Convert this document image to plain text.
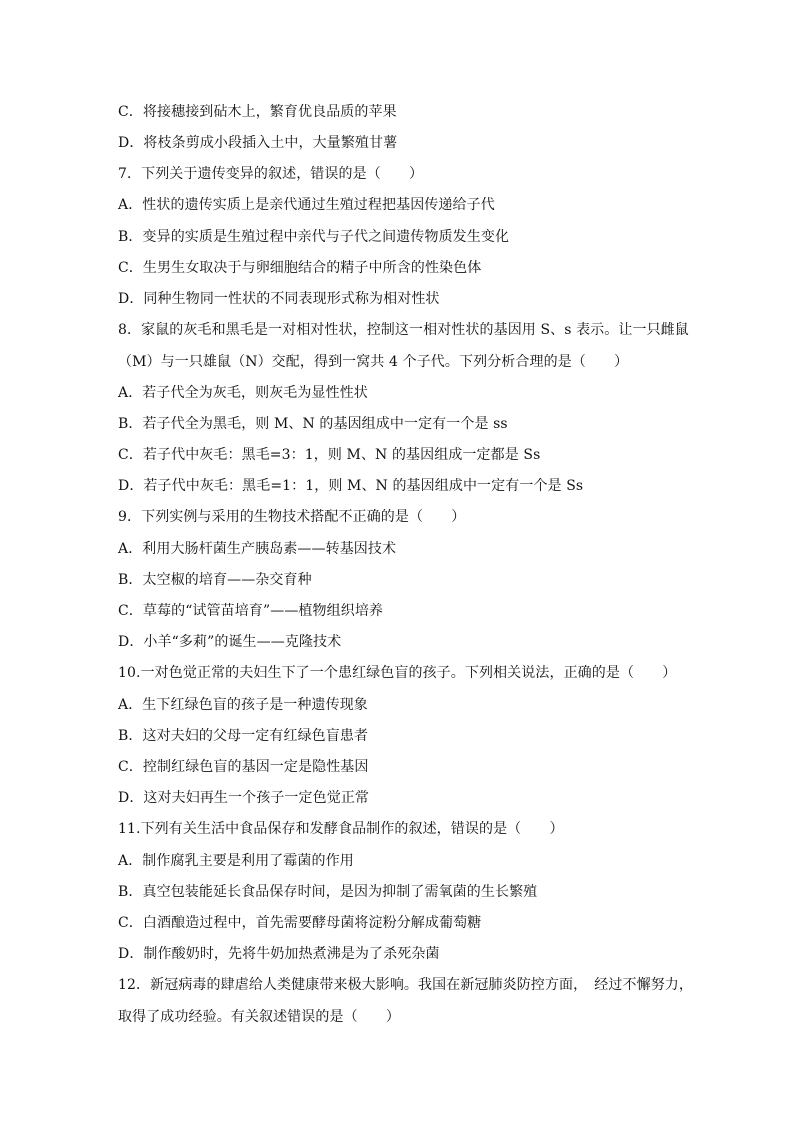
C．将接穗接到砧木上，繁育优良品质的苹果
D．将枝条剪成小段插入土中，大量繁殖甘薯
7．下列关于遗传变异的叙述，错误的是（　　）
A．性状的遗传实质上是亲代通过生殖过程把基因传递给子代
B．变异的实质是生殖过程中亲代与子代之间遗传物质发生变化
C．生男生女取决于与卵细胞结合的精子中所含的性染色体
D．同种生物同一性状的不同表现形式称为相对性状
8．家鼠的灰毛和黑毛是一对相对性状，控制这一相对性状的基因用 S、s 表示。让一只雌鼠
（M）与一只雄鼠（N）交配，得到一窝共 4 个子代。下列分析合理的是（　　）
A．若子代全为灰毛，则灰毛为显性性状
B．若子代全为黑毛，则 M、N 的基因组成中一定有一个是 ss
C．若子代中灰毛：黑毛=3：1，则 M、N 的基因组成一定都是 Ss
D．若子代中灰毛：黑毛=1：1，则 M、N 的基因组成中一定有一个是 Ss
9．下列实例与采用的生物技术搭配不正确的是（　　）
A．利用大肠杆菌生产胰岛素——转基因技术
B．太空椒的培育——杂交育种
C．草莓的“试管苗培育”——植物组织培养
D．小羊“多莉”的诞生——克隆技术
10.一对色觉正常的夫妇生下了一个患红绿色盲的孩子。下列相关说法，正确的是（　　）
A．生下红绿色盲的孩子是一种遗传现象
B．这对夫妇的父母一定有红绿色盲患者
C．控制红绿色盲的基因一定是隐性基因
D．这对夫妇再生一个孩子一定色觉正常
11.下列有关生活中食品保存和发酵食品制作的叙述，错误的是（　　）
A．制作腐乳主要是利用了霉菌的作用
B．真空包装能延长食品保存时间，是因为抑制了需氧菌的生长繁殖
C．白酒酿造过程中，首先需要酵母菌将淀粉分解成葡萄糖
D．制作酸奶时，先将牛奶加热煮沸是为了杀死杂菌
12．新冠病毒的肆虐给人类健康带来极大影响。我国在新冠肺炎防控方面，　经过不懈努力，
取得了成功经验。有关叙述错误的是（　　）
